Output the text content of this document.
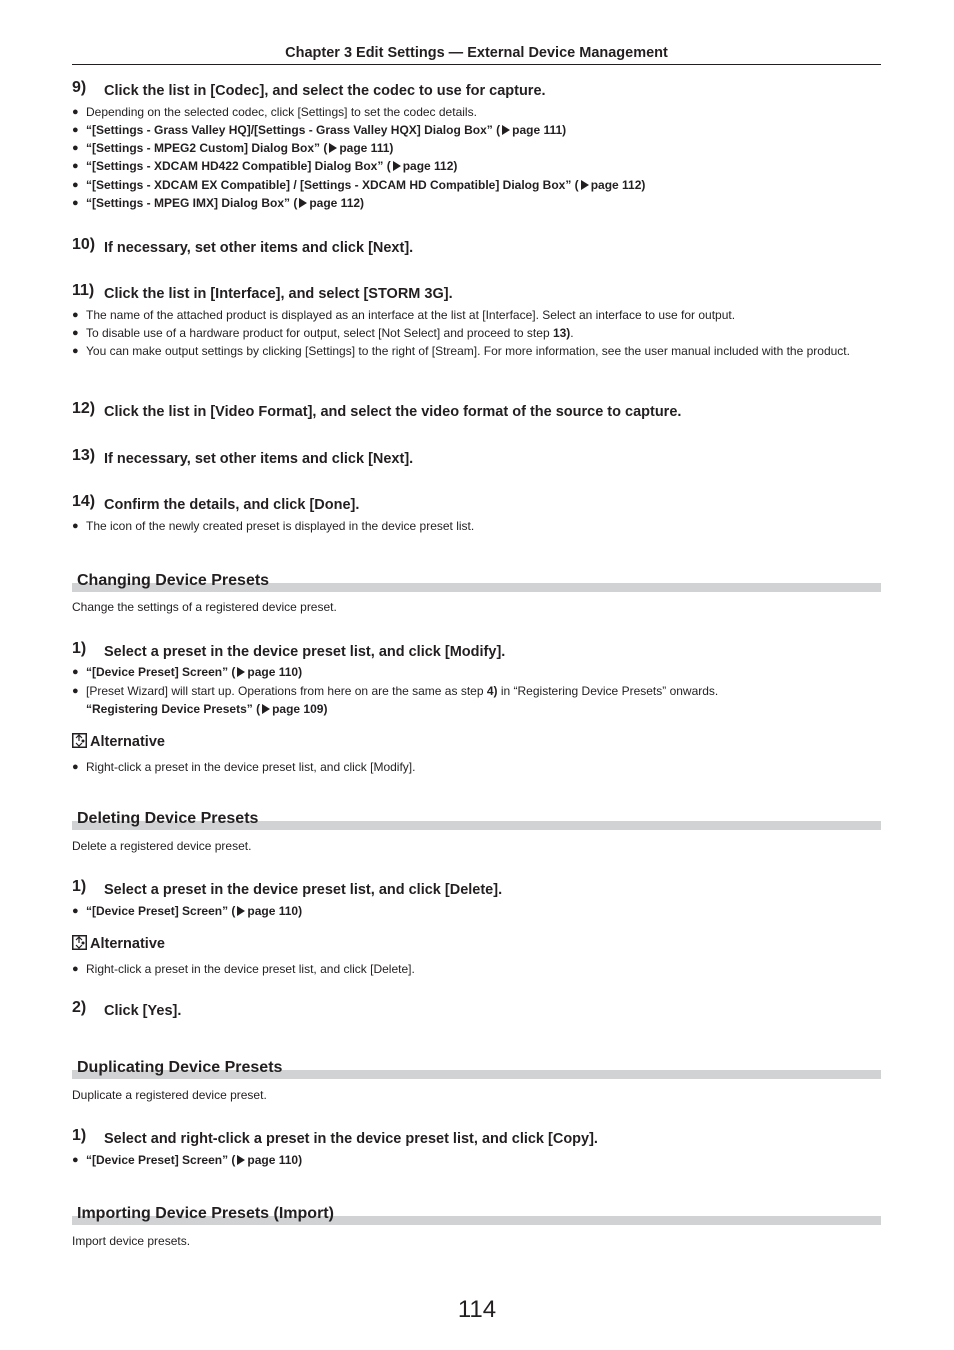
Chapter 3 Edit Settings — External Device Management
9) Click the list in [Codec], and select the codec to use for capture.
● Depending on the selected codec, click [Settings] to set the codec details.
● “[Settings - Grass Valley HQ]/[Settings - Grass Valley HQX] Dialog Box” ( page 111)
● “[Settings - MPEG2 Custom] Dialog Box” ( page 111)
● “[Settings - XDCAM HD422 Compatible] Dialog Box” ( page 112)
● “[Settings - XDCAM EX Compatible] / [Settings - XDCAM HD Compatible] Dialog Box” ( page 112)
● “[Settings - MPEG IMX] Dialog Box” ( page 112)
10) If necessary, set other items and click [Next].
11) Click the list in [Interface], and select [STORM 3G].
● The name of the attached product is displayed as an interface at the list at [Interface]. Select an interface to use for output.
● To disable use of a hardware product for output, select [Not Select] and proceed to step 13).
● You can make output settings by clicking [Settings] to the right of [Stream]. For more information, see the user manual included with the product.
12) Click the list in [Video Format], and select the video format of the source to capture.
13) If necessary, set other items and click [Next].
14) Confirm the details, and click [Done].
● The icon of the newly created preset is displayed in the device preset list.
Changing Device Presets
Change the settings of a registered device preset.
1) Select a preset in the device preset list, and click [Modify].
● “[Device Preset] Screen” ( page 110)
● [Preset Wizard] will start up. Operations from here on are the same as step 4) in “Registering Device Presets” onwards.
“Registering Device Presets” ( page 109)
Alternative
● Right-click a preset in the device preset list, and click [Modify].
Deleting Device Presets
Delete a registered device preset.
1) Select a preset in the device preset list, and click [Delete].
● “[Device Preset] Screen” ( page 110)
Alternative
● Right-click a preset in the device preset list, and click [Delete].
2) Click [Yes].
Duplicating Device Presets
Duplicate a registered device preset.
1) Select and right-click a preset in the device preset list, and click [Copy].
● “[Device Preset] Screen” ( page 110)
Importing Device Presets (Import)
Import device presets.
114
